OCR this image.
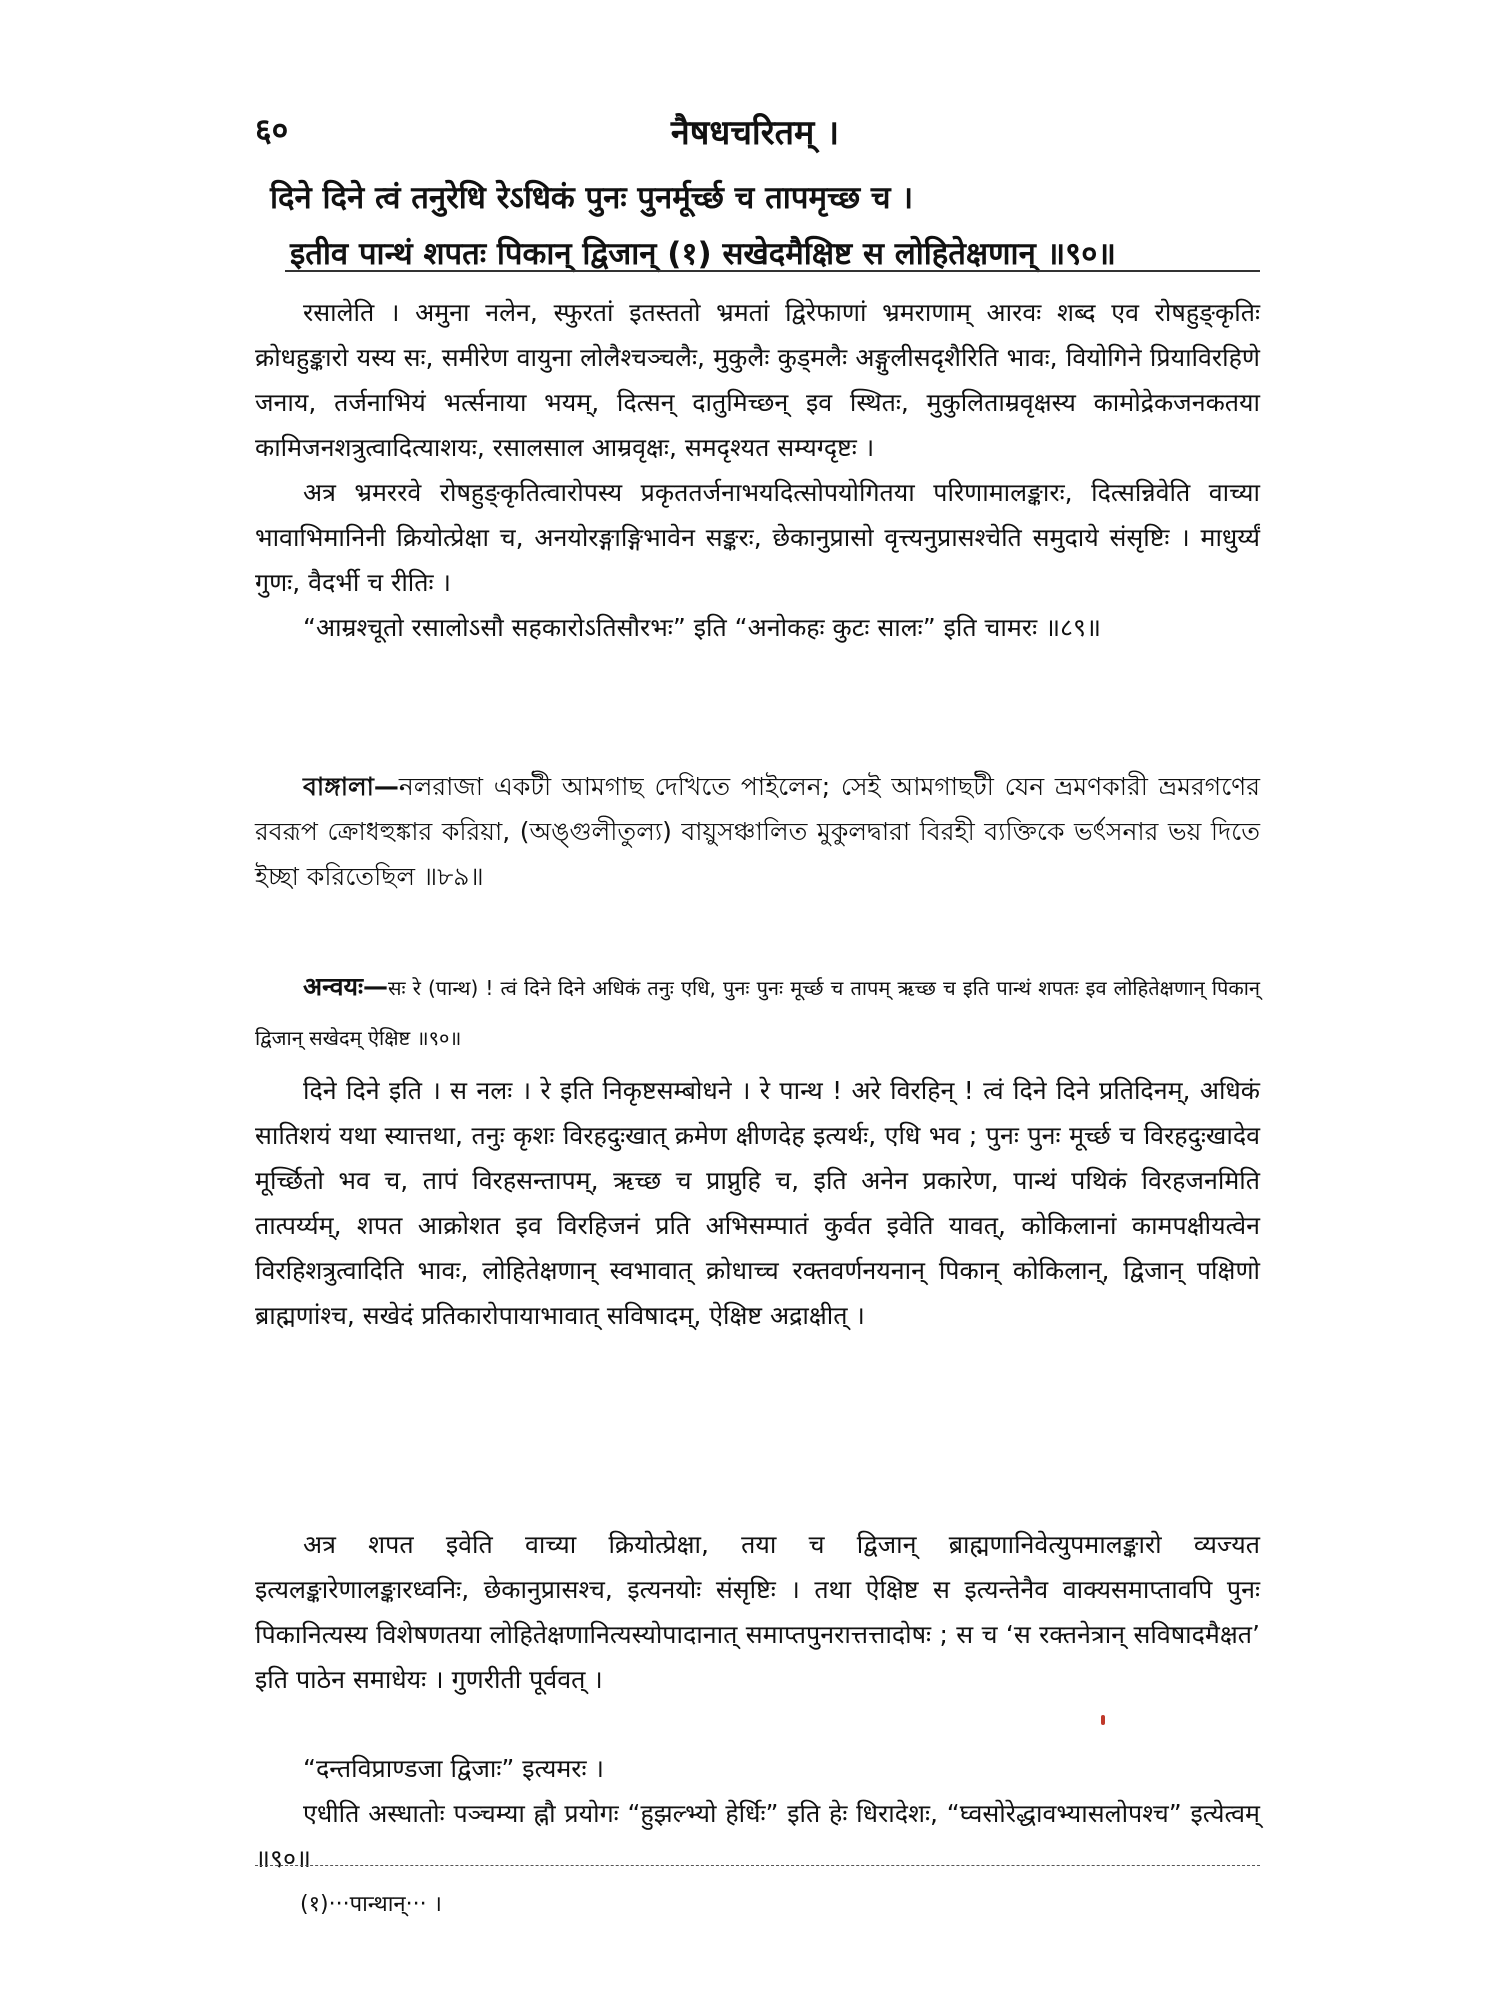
६०	नैषधचरितम् ।
दिने दिने त्वं तनुरेधि रेऽधिकं पुनः पुनर्मूर्च्छ च तापमृच्छ च ।
इतीव पान्थं शपतः पिकान् द्विजान् (१) सखेदमैक्षिष्ट स लोहितेक्षणान् ॥९०॥

रसालेति । अमुना नलेन, स्फुरतां इतस्ततो भ्रमतां द्विरेफाणां भ्रमराणाम् आरवः शब्द एव रोषहुङ्कृतिः क्रोधहुङ्कारो यस्य सः, समीरेण वायुना लोलैश्चञ्चलैः, मुकुलैः कुड्मलैः अङ्गुलीसदृशैरिति भावः, वियोगिने प्रियाविरहिणे जनाय, तर्जनाभियं भर्त्सनाया भयम्, दित्सन् दातुमिच्छन् इव स्थितः, मुकुलिताम्रवृक्षस्य कामोद्रेकजनकतया कामिजनशत्रुत्वादित्याशयः, रसालसाल आम्रवृक्षः, समदृश्यत सम्यग्दृष्टः ।

अत्र भ्रमररवे रोषहुङ्कृतित्वारोपस्य प्रकृततर्जनाभयदित्सोपयोगितया परिणामालङ्कारः, दित्सन्निवेति वाच्या भावाभिमानिनी क्रियोत्प्रेक्षा च, अनयोरङ्गाङ्गिभावेन सङ्करः, छेकानुप्रासो वृत्त्यनुप्रासश्चेति समुदाये संसृष्टिः । माधुर्य्यं गुणः, वैदर्भी च रीतिः ।

“आम्रश्चूतो रसालोऽसौ सहकारोऽतिसौरभः” इति “अनोकहः कुटः सालः” इति चामरः ॥८९॥

বাঙ্গালা—নলরাজা একটী আমগাছ দেখিতে পাইলেন; সেই আমগাছটী যেন ভ্রমণকারী ভ্রমরগণের রবরূপ ক্রোধহুঙ্কার করিয়া, (অঙ্গুলীতুল্য) বায়ুসঞ্চালিত মুকুলদ্বারা বিরহী ব্যক্তিকে ভর্ৎসনার ভয় দিতে ইচ্ছা করিতেছিল ॥৮৯॥

अन्वयः—सः रे (पान्थ) ! त्वं दिने दिने अधिकं तनुः एधि, पुनः पुनः मूर्च्छ च तापम् ऋच्छ च इति पान्थं शपतः इव लोहितेक्षणान् पिकान् द्विजान् सखेदम् ऐक्षिष्ट ॥९०॥

दिने दिने इति । स नलः । रे इति निकृष्टसम्बोधने । रे पान्थ ! अरे विरहिन् ! त्वं दिने दिने प्रतिदिनम्, अधिकं सातिशयं यथा स्यात्तथा, तनुः कृशः विरहदुःखात् क्रमेण क्षीणदेह इत्यर्थः, एधि भव ; पुनः पुनः मूर्च्छ च विरहदुःखादेव मूर्च्छितो भव च, तापं विरहसन्तापम्, ऋच्छ च प्राप्नुहि च, इति अनेन प्रकारेण, पान्थं पथिकं विरहजनमिति तात्पर्य्यम्, शपत आक्रोशत इव विरहिजनं प्रति अभिसम्पातं कुर्वत इवेति यावत्, कोकिलानां कामपक्षीयत्वेन विरहिशत्रुत्वादिति भावः, लोहितेक्षणान् स्वभावात् क्रोधाच्च रक्तवर्णनयनान् पिकान् कोकिलान्, द्विजान् पक्षिणो ब्राह्मणांश्च, सखेदं प्रतिकारोपायाभावात् सविषादम्, ऐक्षिष्ट अद्राक्षीत् ।

अत्र शपत इवेति वाच्या क्रियोत्प्रेक्षा, तया च द्विजान् ब्राह्मणानिवेत्युपमालङ्कारो व्यज्यत इत्यलङ्कारेणालङ्कारध्वनिः, छेकानुप्रासश्च, इत्यनयोः संसृष्टिः । तथा ऐक्षिष्ट स इत्यन्तेनैव वाक्यसमाप्तावपि पुनः पिकानित्यस्य विशेषणतया लोहितेक्षणानित्यस्योपादानात् समाप्तपुनरात्तत्तादोषः ; स च ‘स रक्तनेत्रान् सविषादमैक्षत’ इति पाठेन समाधेयः । गुणरीती पूर्ववत् ।

“दन्तविप्राण्डजा द्विजाः” इत्यमरः ।

एधीति अस्धातोः पञ्चम्या ह्नौ प्रयोगः “हुझल्भ्यो हेर्धिः” इति हेः धिरादेशः, “घ्वसोरेद्धावभ्यासलोपश्च” इत्येत्वम् ॥९०॥

(१)···पान्थान्··· ।
